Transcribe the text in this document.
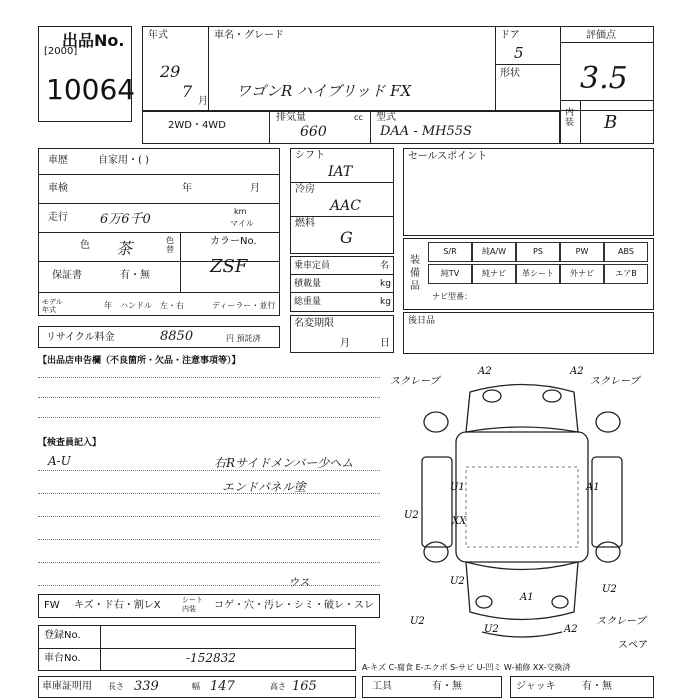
出品No.
[2000]
10064
年式
29
7
月
車名・グレード
ワゴンR ハイブリッド FX
ドア
5
形状
評価点
3.5
2WD・4WD
排気量	cc
660
型式
DAA - MH55S
内装 B
車歴	自家用・( )
車検	年	月
走行 6万6千0
km
マイル
色 茶	色替
カラーNo.
ZSF
保証書	有・無
モデル年式	年 ハンドル 左・右	ディーラー・並行
リサイクル料金	8850	円 預託済
シフト
IAT
冷房
AAC
燃料
G
乗車定員	名
積載量	kg
総重量	kg
名変期限
月	日
セールスポイント
装備品
S/R	純A/W	PS	PW	ABS
純TV	純ナビ	革シート	外ナビ	エアB
ナビ型番：
後日品
【出品店申告欄（不良箇所・欠品・注意事項等）】
【検査員記入】
A-U	右Rサイドメンバー少ヘム
エンドパネル塗
FW キズ・ド右・割レX	シート内装	コゲ・穴・汚レ・シミ・破レ・スレ
ウス
登録No.
車台No.	-152832
車庫証明用 長さ 339	幅 147	高さ 165
A-キズ C-腐食 E-エクボ S-サビ U-凹ミ W-補修 XX-交換済
工具	有・無	ジャッキ	有・無
スクレープ
A2	A2
スクレープ
U2
U1
XX
A1
U2
U2
U2
A1
U2
A2
スクレープ
スペア
